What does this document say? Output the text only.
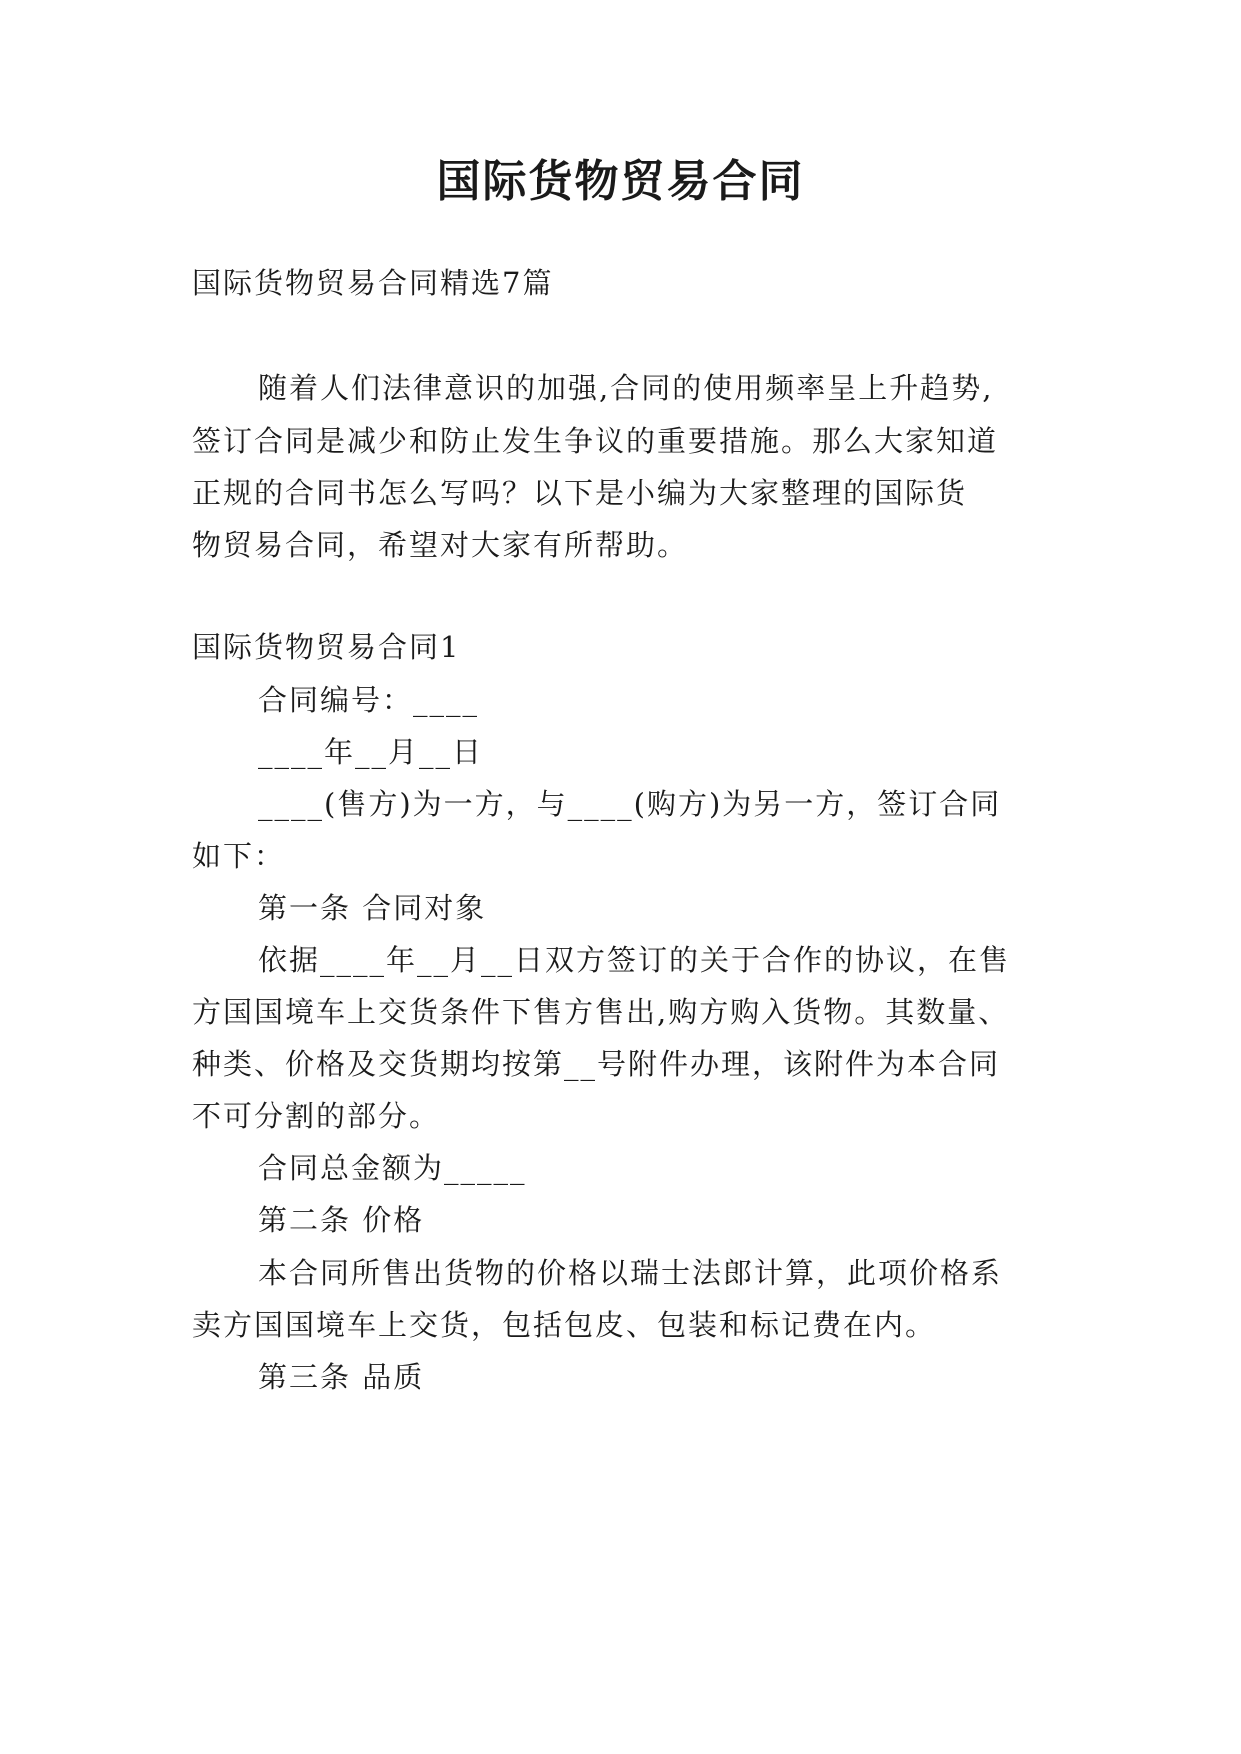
国际货物贸易合同
国际货物贸易合同精选7篇
随着人们法律意识的加强,合同的使用频率呈上升趋势,
签订合同是减少和防止发生争议的重要措施。那么大家知道
正规的合同书怎么写吗？以下是小编为大家整理的国际货
物贸易合同，希望对大家有所帮助。
国际货物贸易合同1
合同编号：____
____年__月__日
____(售方)为一方，与____(购方)为另一方，签订合同
如下：
第一条 合同对象
依据____年__月__日双方签订的关于合作的协议，在售
方国国境车上交货条件下售方售出,购方购入货物。其数量、
种类、价格及交货期均按第__号附件办理，该附件为本合同
不可分割的部分。
合同总金额为_____
第二条 价格
本合同所售出货物的价格以瑞士法郎计算，此项价格系
卖方国国境车上交货，包括包皮、包装和标记费在内。
第三条 品质
